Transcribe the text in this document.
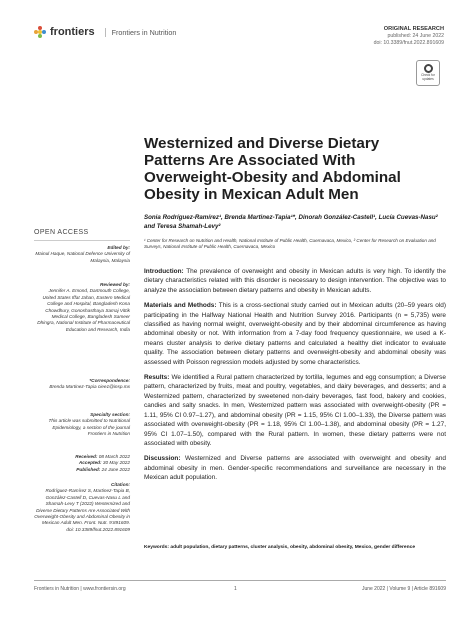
frontiers	Frontiers in Nutrition	ORIGINAL RESEARCH
published: 24 June 2022
doi: 10.3389/fnut.2022.891609
Check for updates
Westernized and Diverse Dietary Patterns Are Associated With Overweight-Obesity and Abdominal Obesity in Mexican Adult Men
Sonia Rodríguez-Ramírez¹, Brenda Martinez-Tapia¹*, Dinorah González-Castell¹, Lucía Cuevas-Nasu² and Teresa Shamah-Levy²
¹ Center for Research on Nutrition and Health, National Institute of Public Health, Cuernavaca, Mexico, ² Center for Research on Evaluation and Surveys, National Institute of Public Health, Cuernavaca, Mexico
OPEN ACCESS
Edited by:
Mainul Haque, National Defence University of Malaysia, Malaysia
Reviewed by:
Jennifer A. Emond, Dartmouth College, United States Iffat Jahan, Eastern Medical College and Hospital, Bangladesh Kona Chowdhury, Gonoshasthaya Samaj Vittik Medical College, Bangladesh Sameer Dhingra, National Institute of Pharmaceutical Education and Research, India
*Correspondence:
Brenda Martinez-Tapia ciee1@insp.mx
Specialty section:
This article was submitted to Nutritional Epidemiology, a section of the journal Frontiers in Nutrition
Received: 08 March 2022
Accepted: 30 May 2022
Published: 24 June 2022
Citation:
Rodríguez-Ramírez S, Martinez-Tapia B, González-Castell D, Cuevas-Nasu L and Shamah-Levy T (2022) Westernized and Diverse Dietary Patterns Are Associated With Overweight-Obesity and Abdominal Obesity in Mexican Adult Men. Front. Nutr. 9:891609. doi: 10.3389/fnut.2022.891609

Introduction: The prevalence of overweight and obesity in Mexican adults is very high. To identify the dietary characteristics related with this disorder is necessary to design intervention. The objective was to analyze the association between dietary patterns and obesity in Mexican adults.

Materials and Methods: This is a cross-sectional study carried out in Mexican adults (20–59 years old) participating in the Halfway National Health and Nutrition Survey 2016. Participants (n = 5,735) were classified as having normal weight, overweight-obesity and by their abdominal circumference as having abdominal obesity or not. With information from a 7-day food frequency questionnaire, we used a K-means cluster analysis to derive dietary patterns and calculated a healthy diet indicator to evaluate quality. The association between dietary patterns and overweight-obesity and abdominal obesity was assessed with Poisson regression models adjusted by some characteristics.

Results: We identified a Rural pattern characterized by tortilla, legumes and egg consumption; a Diverse pattern, characterized by fruits, meat and poultry, vegetables, and dairy beverages, and desserts; and a Westernized pattern, characterized by sweetened non-dairy beverages, fast food, bakery and cookies, candies and salty snacks. In men, Westernized pattern was associated with overweight-obesity (PR = 1.11, 95% CI 0.97–1.27), and abdominal obesity (PR = 1.15, 95% CI 1.00–1.33), the Diverse pattern was associated with overweight-obesity (PR = 1.18, 95% CI 1.00–1.38), and abdominal obesity (PR = 1.27, 95% CI 1.07–1.50), compared with the Rural pattern. In women, these dietary patterns were not associated with obesity.

Discussion: Westernized and Diverse patterns are associated with overweight and obesity and abdominal obesity in men. Gender-specific recommendations and surveillance are necessary in the Mexican adult population.

Keywords: adult population, dietary patterns, cluster analysis, obesity, abdominal obesity, Mexico, gender difference
Frontiers in Nutrition | www.frontiersin.org	1	June 2022 | Volume 9 | Article 891609
